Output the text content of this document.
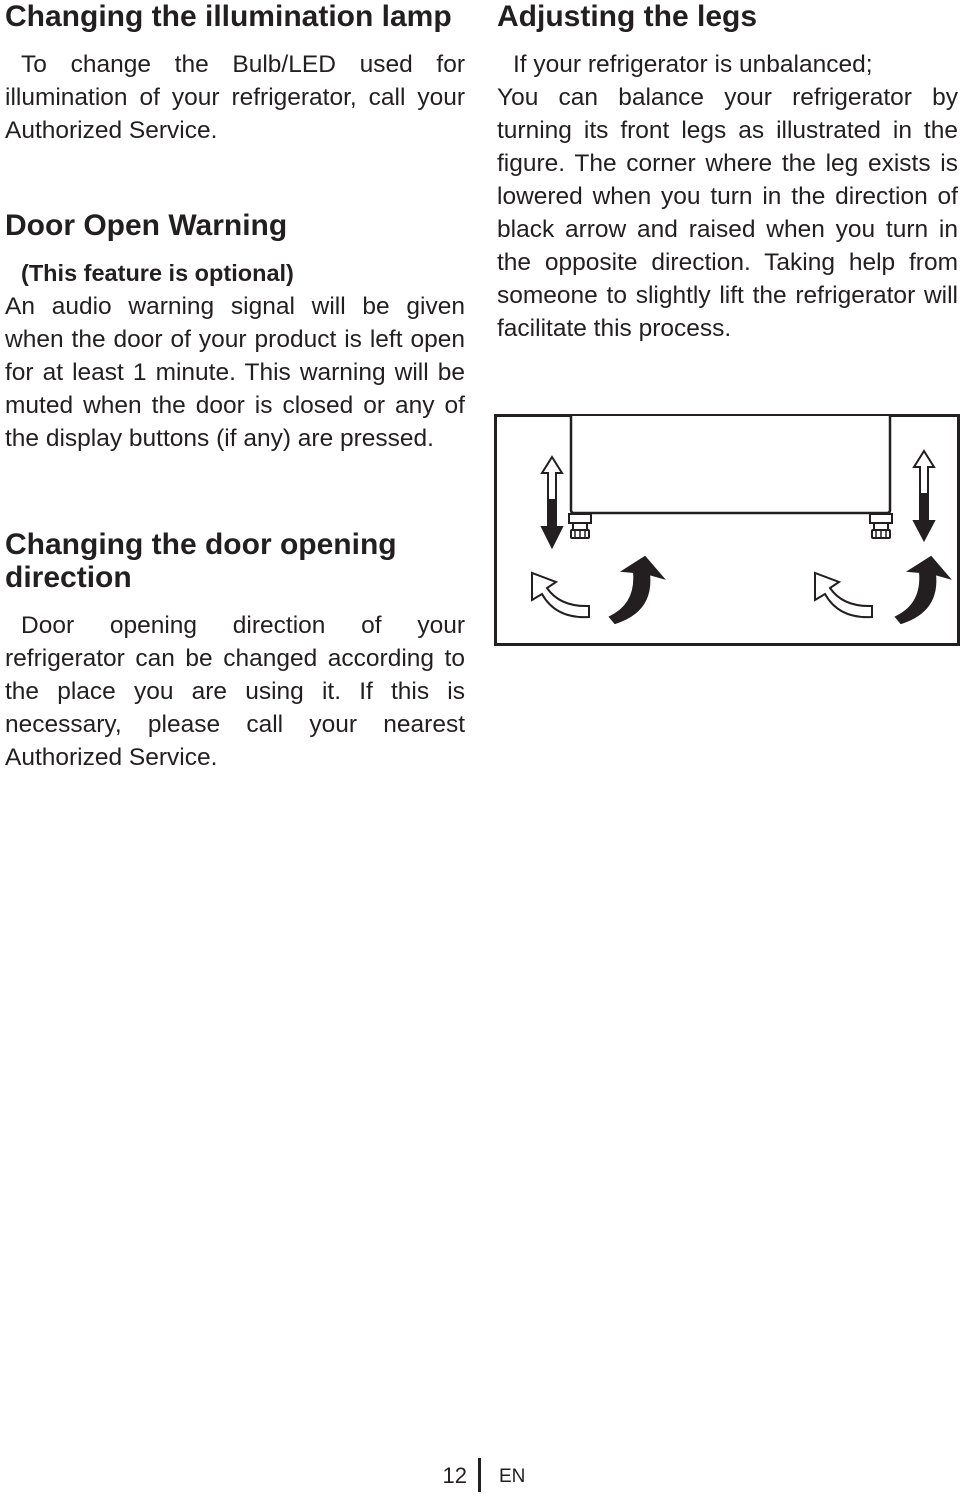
Changing the illumination lamp

To change the Bulb/LED used for illumination of your refrigerator, call your Authorized Service.

Door Open Warning
(This feature is optional)

An audio warning signal will be given when the door of your product is left open for at least 1 minute. This warning will be muted when the door is closed or any of the display buttons (if any) are pressed.

Changing the door opening direction

Door opening direction of your refrigerator can be changed according to the place you are using it. If this is necessary, please call your nearest Authorized Service.

Adjusting the legs

If your refrigerator is unbalanced;

You can balance your refrigerator by turning its front legs as illustrated in the figure. The corner where the leg exists is lowered when you turn in the direction of black arrow and raised when you turn in the opposite direction. Taking help from someone to slightly lift the refrigerator will facilitate this process.

12 EN
